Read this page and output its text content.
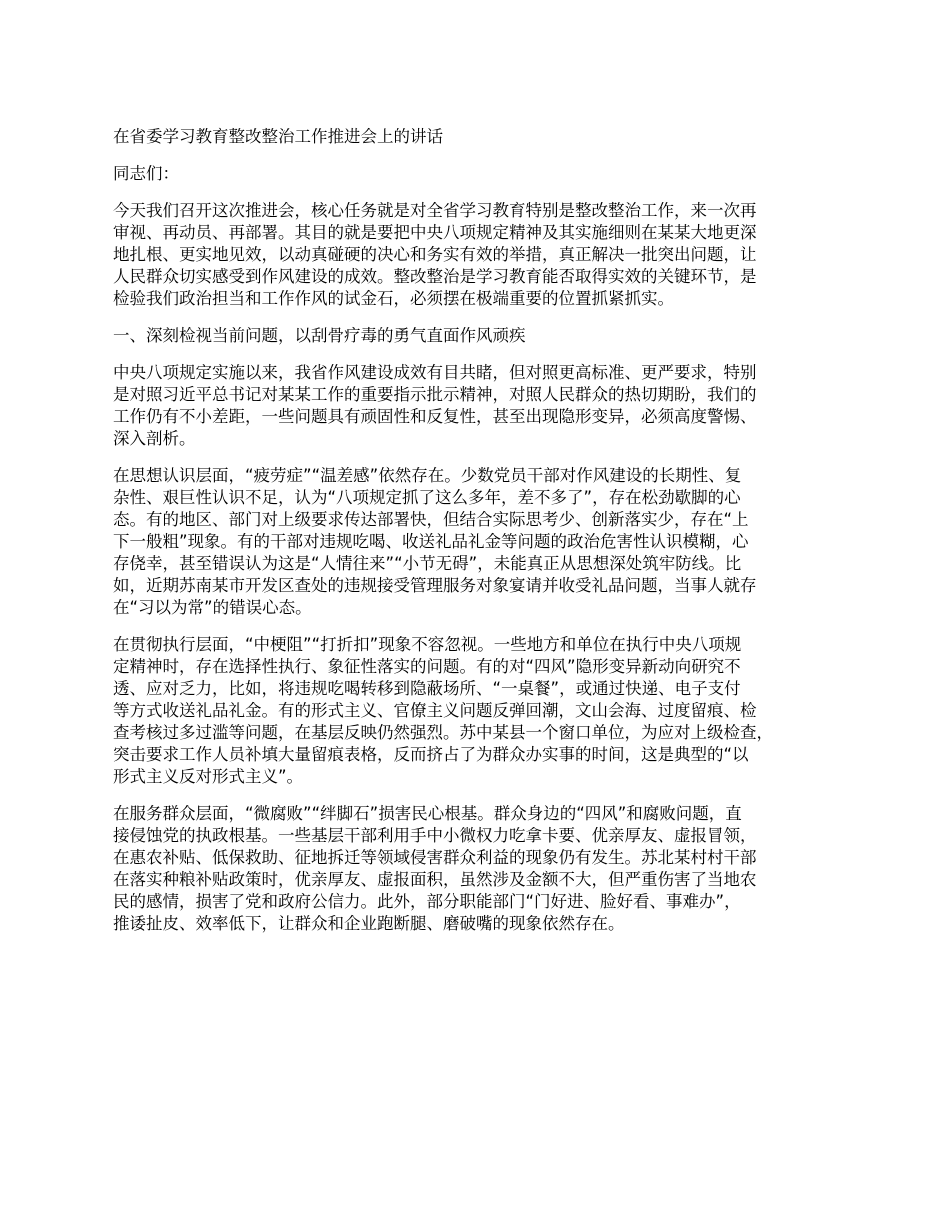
在省委学习教育整改整治工作推进会上的讲话
同志们：
今天我们召开这次推进会，核心任务就是对全省学习教育特别是整改整治工作，来一次再
审视、再动员、再部署。其目的就是要把中央八项规定精神及其实施细则在某某大地更深
地扎根、更实地见效，以动真碰硬的决心和务实有效的举措，真正解决一批突出问题，让
人民群众切实感受到作风建设的成效。整改整治是学习教育能否取得实效的关键环节，是
检验我们政治担当和工作作风的试金石，必须摆在极端重要的位置抓紧抓实。
一、深刻检视当前问题，以刮骨疗毒的勇气直面作风顽疾
中央八项规定实施以来，我省作风建设成效有目共睹，但对照更高标准、更严要求，特别
是对照习近平总书记对某某工作的重要指示批示精神，对照人民群众的热切期盼，我们的
工作仍有不小差距，一些问题具有顽固性和反复性，甚至出现隐形变异，必须高度警惕、
深入剖析。
在思想认识层面，“疲劳症”“温差感”依然存在。少数党员干部对作风建设的长期性、复
杂性、艰巨性认识不足，认为“八项规定抓了这么多年，差不多了”，存在松劲歇脚的心
态。有的地区、部门对上级要求传达部署快，但结合实际思考少、创新落实少，存在“上
下一般粗”现象。有的干部对违规吃喝、收送礼品礼金等问题的政治危害性认识模糊，心
存侥幸，甚至错误认为这是“人情往来”“小节无碍”，未能真正从思想深处筑牢防线。比
如，近期苏南某市开发区查处的违规接受管理服务对象宴请并收受礼品问题，当事人就存
在“习以为常”的错误心态。
在贯彻执行层面，“中梗阻”“打折扣”现象不容忽视。一些地方和单位在执行中央八项规
定精神时，存在选择性执行、象征性落实的问题。有的对“四风”隐形变异新动向研究不
透、应对乏力，比如，将违规吃喝转移到隐蔽场所、“一桌餐”，或通过快递、电子支付
等方式收送礼品礼金。有的形式主义、官僚主义问题反弹回潮，文山会海、过度留痕、检
查考核过多过滥等问题，在基层反映仍然强烈。苏中某县一个窗口单位，为应对上级检查，
突击要求工作人员补填大量留痕表格，反而挤占了为群众办实事的时间，这是典型的“以
形式主义反对形式主义”。
在服务群众层面，“微腐败”“绊脚石”损害民心根基。群众身边的“四风”和腐败问题，直
接侵蚀党的执政根基。一些基层干部利用手中小微权力吃拿卡要、优亲厚友、虚报冒领，
在惠农补贴、低保救助、征地拆迁等领域侵害群众利益的现象仍有发生。苏北某村村干部
在落实种粮补贴政策时，优亲厚友、虚报面积，虽然涉及金额不大，但严重伤害了当地农
民的感情，损害了党和政府公信力。此外，部分职能部门“门好进、脸好看、事难办”，
推诿扯皮、效率低下，让群众和企业跑断腿、磨破嘴的现象依然存在。
